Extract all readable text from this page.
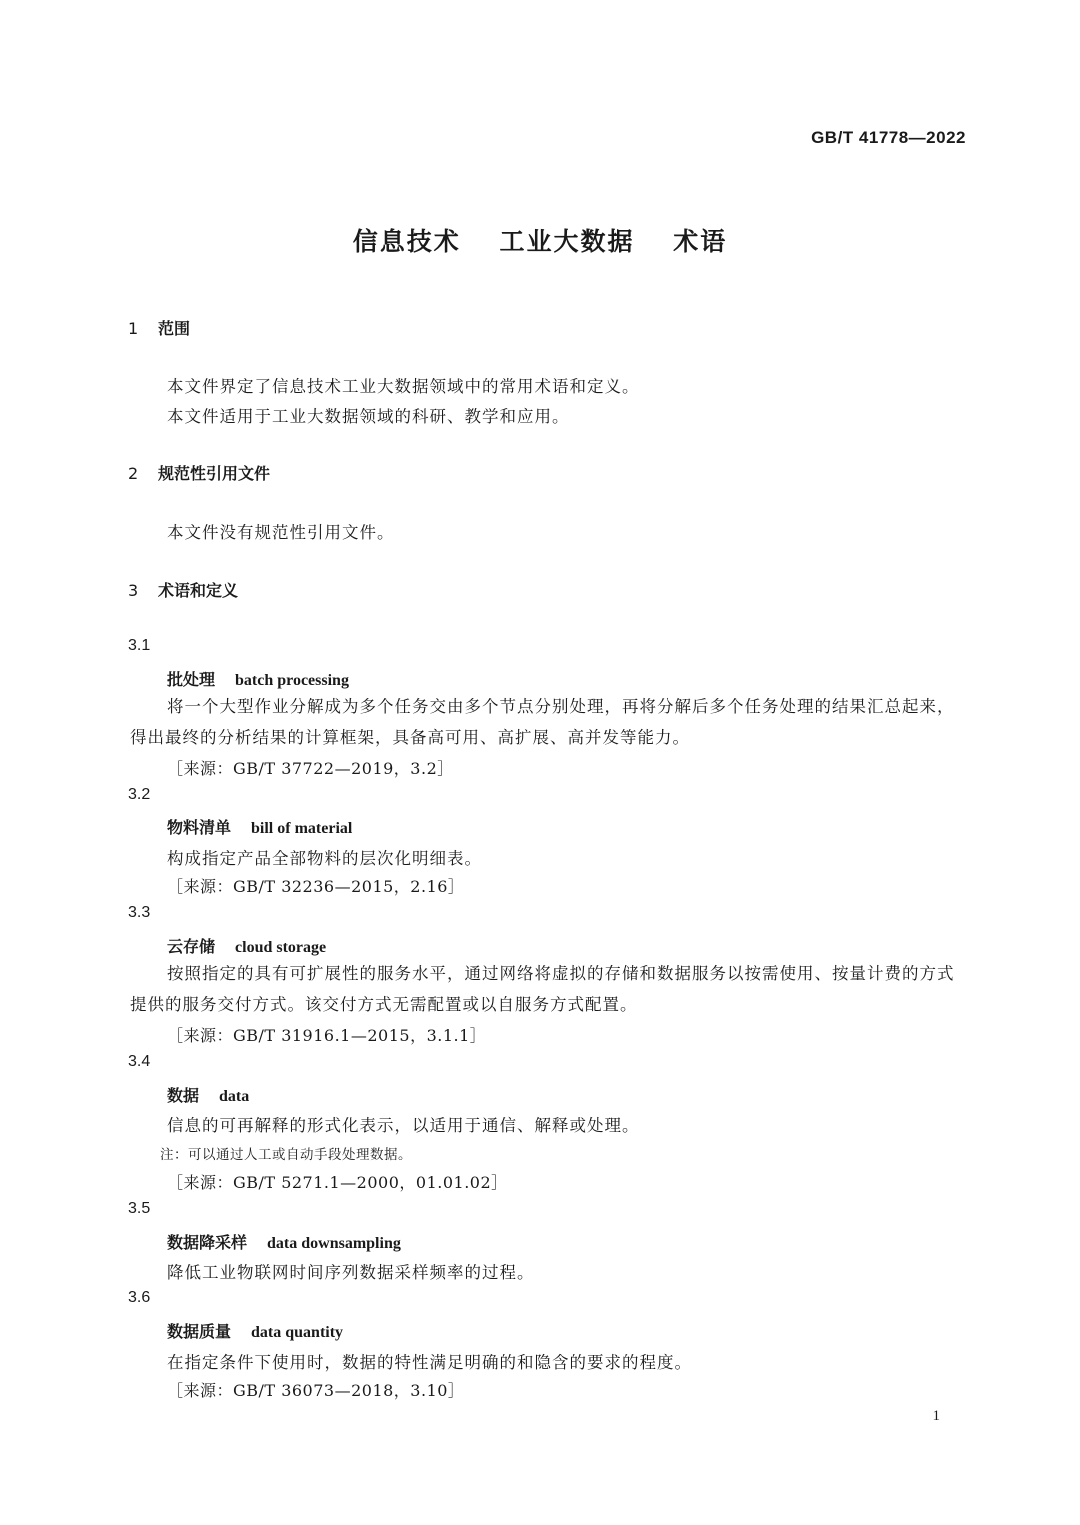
GB/T 41778—2022
信息技术 工业大数据 术语
1 范围
本文件界定了信息技术工业大数据领域中的常用术语和定义。
本文件适用于工业大数据领域的科研、教学和应用。
2 规范性引用文件
本文件没有规范性引用文件。
3 术语和定义
3.1
批处理 batch processing
将一个大型作业分解成为多个任务交由多个节点分别处理，再将分解后多个任务处理的结果汇总起来，得出最终的分析结果的计算框架，具备高可用、高扩展、高并发等能力。
［来源：GB/T 37722—2019，3.2］
3.2
物料清单 bill of material
构成指定产品全部物料的层次化明细表。
［来源：GB/T 32236—2015，2.16］
3.3
云存储 cloud storage
按照指定的具有可扩展性的服务水平，通过网络将虚拟的存储和数据服务以按需使用、按量计费的方式提供的服务交付方式。该交付方式无需配置或以自服务方式配置。
［来源：GB/T 31916.1—2015，3.1.1］
3.4
数据 data
信息的可再解释的形式化表示，以适用于通信、解释或处理。
注：可以通过人工或自动手段处理数据。
［来源：GB/T 5271.1—2000，01.01.02］
3.5
数据降采样 data downsampling
降低工业物联网时间序列数据采样频率的过程。
3.6
数据质量 data quantity
在指定条件下使用时，数据的特性满足明确的和隐含的要求的程度。
［来源：GB/T 36073—2018，3.10］
1
